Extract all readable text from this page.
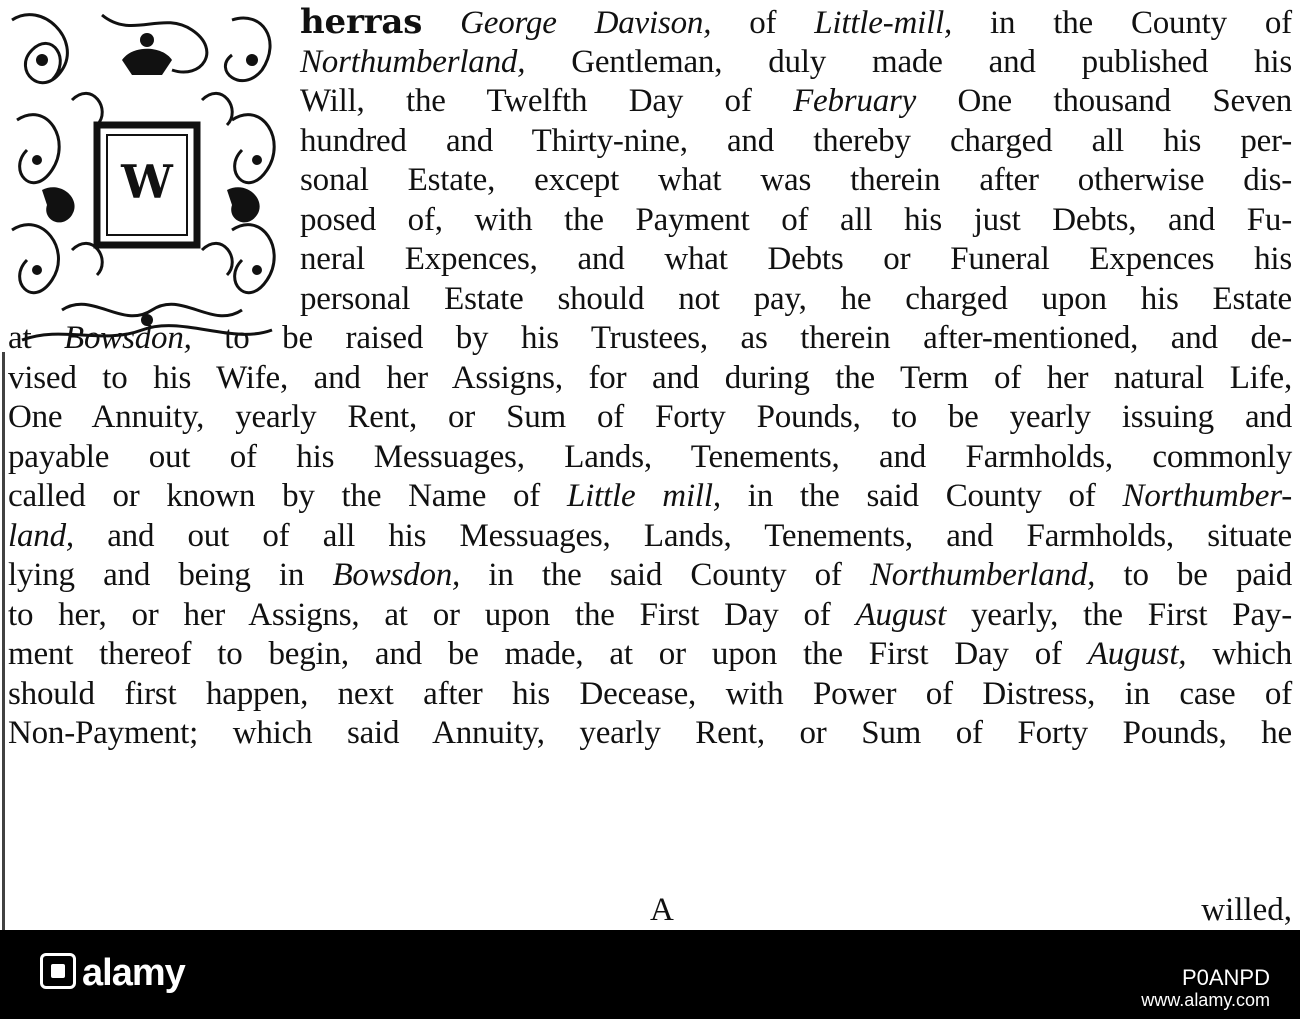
W
herras George Davison, of Little-mill, in the County of
Northumberland, Gentleman, duly made and published his
Will, the Twelfth Day of February One thousand Seven
hundred and Thirty-nine, and thereby charged all his per-
sonal Estate, except what was therein after otherwise dis-
posed of, with the Payment of all his just Debts, and Fu-
neral Expences, and what Debts or Funeral Expences his
personal Estate should not pay, he charged upon his Estate
at Bowsdon, to be raised by his Trustees, as therein after-mentioned, and de-
vised to his Wife, and her Assigns, for and during the Term of her natural Life,
One Annuity, yearly Rent, or Sum of Forty Pounds, to be yearly issuing and
payable out of his Messuages, Lands, Tenements, and Farmholds, commonly
called or known by the Name of Little mill, in the said County of Northumber-
land, and out of all his Messuages, Lands, Tenements, and Farmholds, situate
lying and being in Bowsdon, in the said County of Northumberland, to be paid
to her, or her Assigns, at or upon the First Day of August yearly, the First Pay-
ment thereof to begin, and be made, at or upon the First Day of August, which
should first happen, next after his Decease, with Power of Distress, in case of
Non-Payment; which said Annuity, yearly Rent, or Sum of Forty Pounds, he
A	willed,
alamy	P0ANPD
www.alamy.com
